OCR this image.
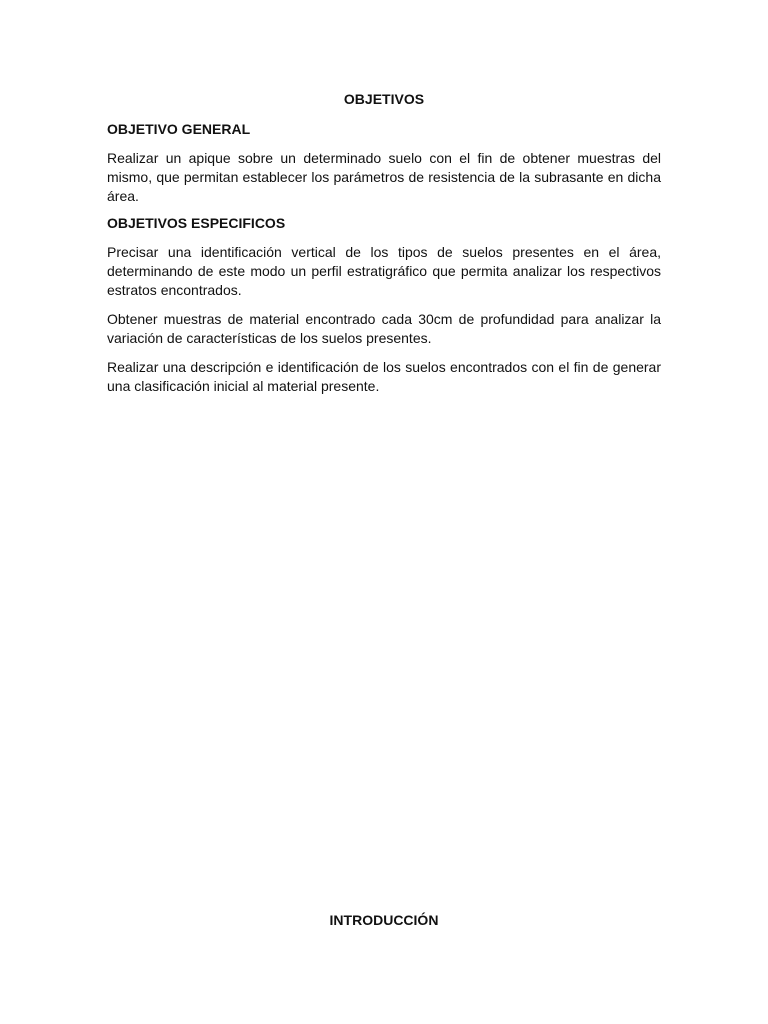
OBJETIVOS
OBJETIVO GENERAL

Realizar un apique sobre un determinado suelo con el fin de obtener muestras del mismo, que permitan establecer los parámetros de resistencia de la subrasante en dicha área.

OBJETIVOS ESPECIFICOS

Precisar una identificación vertical de los tipos de suelos presentes en el área, determinando de este modo un perfil estratigráfico que permita analizar los respectivos estratos encontrados.

Obtener muestras de material encontrado cada 30cm de profundidad para analizar la variación de características de los suelos presentes.

Realizar una descripción e identificación de los suelos encontrados con el fin de generar una clasificación inicial al material presente.

INTRODUCCIÓN
